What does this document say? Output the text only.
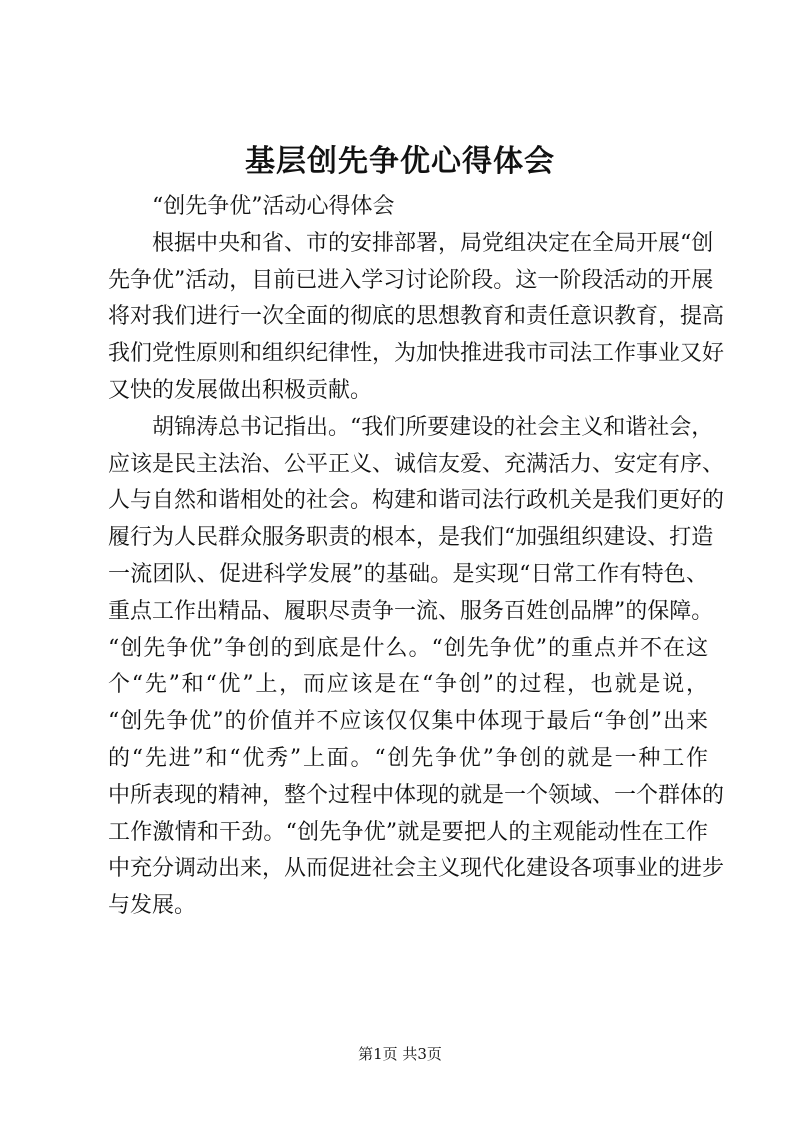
基层创先争优心得体会
“创先争优”活动心得体会
根据中央和省、市的安排部署，局党组决定在全局开展“创
先争优”活动，目前已进入学习讨论阶段。这一阶段活动的开展
将对我们进行一次全面的彻底的思想教育和责任意识教育，提高
我们党性原则和组织纪律性，为加快推进我市司法工作事业又好
又快的发展做出积极贡献。
胡锦涛总书记指出。“我们所要建设的社会主义和谐社会，
应该是民主法治、公平正义、诚信友爱、充满活力、安定有序、
人与自然和谐相处的社会。构建和谐司法行政机关是我们更好的
履行为人民群众服务职责的根本，是我们“加强组织建设、打造
一流团队、促进科学发展”的基础。是实现“日常工作有特色、
重点工作出精品、履职尽责争一流、服务百姓创品牌”的保障。
“创先争优”争创的到底是什么。“创先争优”的重点并不在这
个“先”和“优”上，而应该是在“争创”的过程，也就是说，
“创先争优”的价值并不应该仅仅集中体现于最后“争创”出来
的“先进”和“优秀”上面。“创先争优”争创的就是一种工作
中所表现的精神，整个过程中体现的就是一个领域、一个群体的
工作激情和干劲。“创先争优”就是要把人的主观能动性在工作
中充分调动出来，从而促进社会主义现代化建设各项事业的进步
与发展。
第1页 共3页
